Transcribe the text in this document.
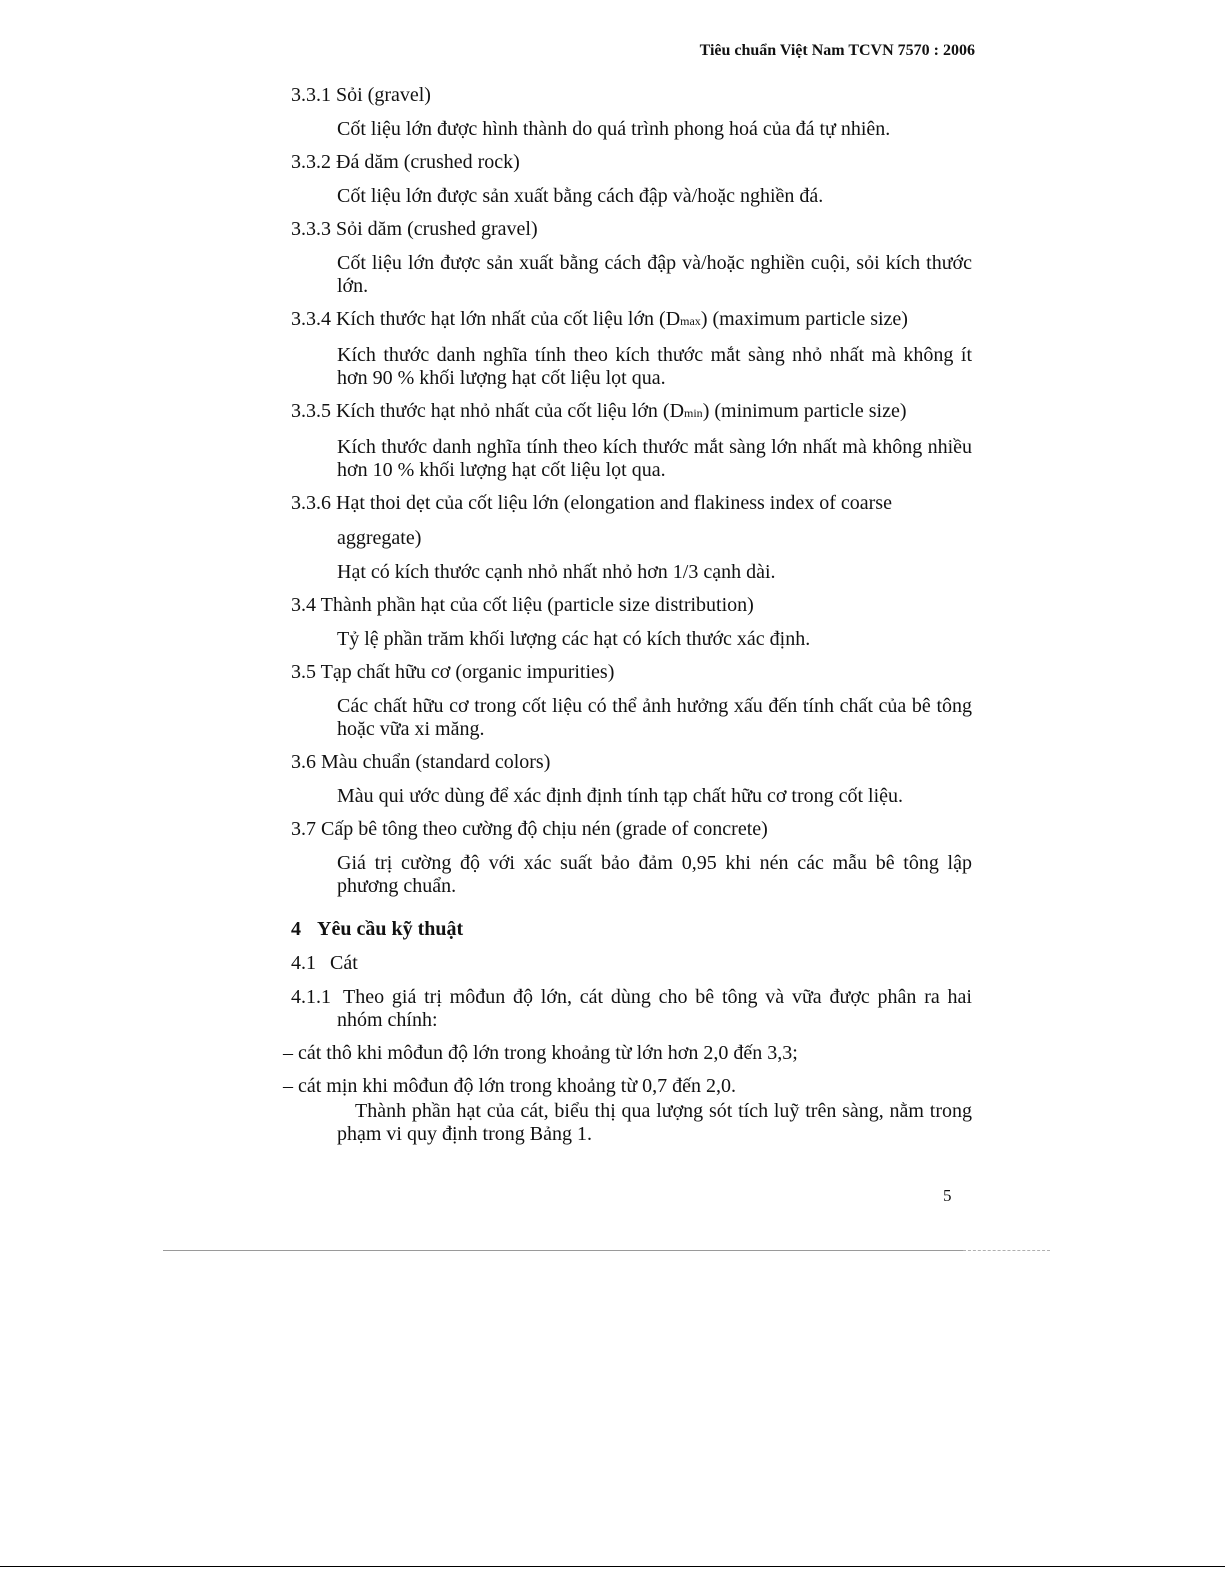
Tiêu chuẩn Việt Nam TCVN 7570 : 2006
3.3.1 Sỏi (gravel)
Cốt liệu lớn được hình thành do quá trình phong hoá của đá tự nhiên.
3.3.2 Đá dăm (crushed rock)
Cốt liệu lớn được sản xuất bằng cách đập và/hoặc nghiền đá.
3.3.3 Sỏi dăm (crushed gravel)
Cốt liệu lớn được sản xuất bằng cách đập và/hoặc nghiền cuội, sỏi kích thước lớn.
3.3.4 Kích thước hạt lớn nhất của cốt liệu lớn (Dmax) (maximum particle size)
Kích thước danh nghĩa tính theo kích thước mắt sàng nhỏ nhất mà không ít hơn 90 % khối lượng hạt cốt liệu lọt qua.
3.3.5 Kích thước hạt nhỏ nhất của cốt liệu lớn (Dmin) (minimum particle size)
Kích thước danh nghĩa tính theo kích thước mắt sàng lớn nhất mà không nhiều hơn 10 % khối lượng hạt cốt liệu lọt qua.
3.3.6 Hạt thoi dẹt của cốt liệu lớn (elongation and flakiness index of coarse
aggregate)
Hạt có kích thước cạnh nhỏ nhất nhỏ hơn 1/3 cạnh dài.
3.4 Thành phần hạt của cốt liệu (particle size distribution)
Tỷ lệ phần trăm khối lượng các hạt có kích thước xác định.
3.5 Tạp chất hữu cơ (organic impurities)
Các chất hữu cơ trong cốt liệu có thể ảnh hưởng xấu đến tính chất của bê tông hoặc vữa xi măng.
3.6 Màu chuẩn (standard colors)
Màu qui ước dùng để xác định định tính tạp chất hữu cơ trong cốt liệu.
3.7 Cấp bê tông theo cường độ chịu nén (grade of concrete)
Giá trị cường độ với xác suất bảo đảm 0,95 khi nén các mẫu bê tông lập phương chuẩn.
4 Yêu cầu kỹ thuật
4.1 Cát
4.1.1 Theo giá trị môđun độ lớn, cát dùng cho bê tông và vữa được phân ra hai nhóm chính:
– cát thô khi môđun độ lớn trong khoảng từ lớn hơn 2,0 đến 3,3;
– cát mịn khi môđun độ lớn trong khoảng từ 0,7 đến 2,0.
Thành phần hạt của cát, biểu thị qua lượng sót tích luỹ trên sàng, nằm trong phạm vi quy định trong Bảng 1.
5
